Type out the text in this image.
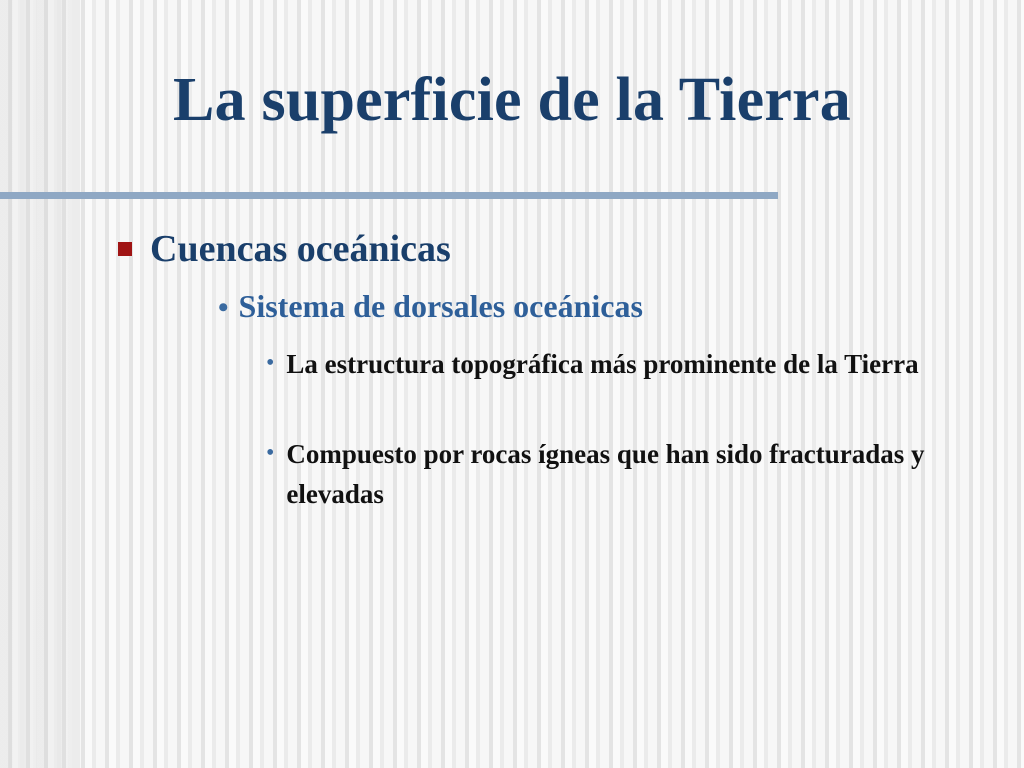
La superficie de la Tierra
Cuencas oceánicas
• Sistema de dorsales oceánicas
• La estructura topográfica más prominente de la Tierra
• Compuesto por rocas ígneas que han sido fracturadas y elevadas
